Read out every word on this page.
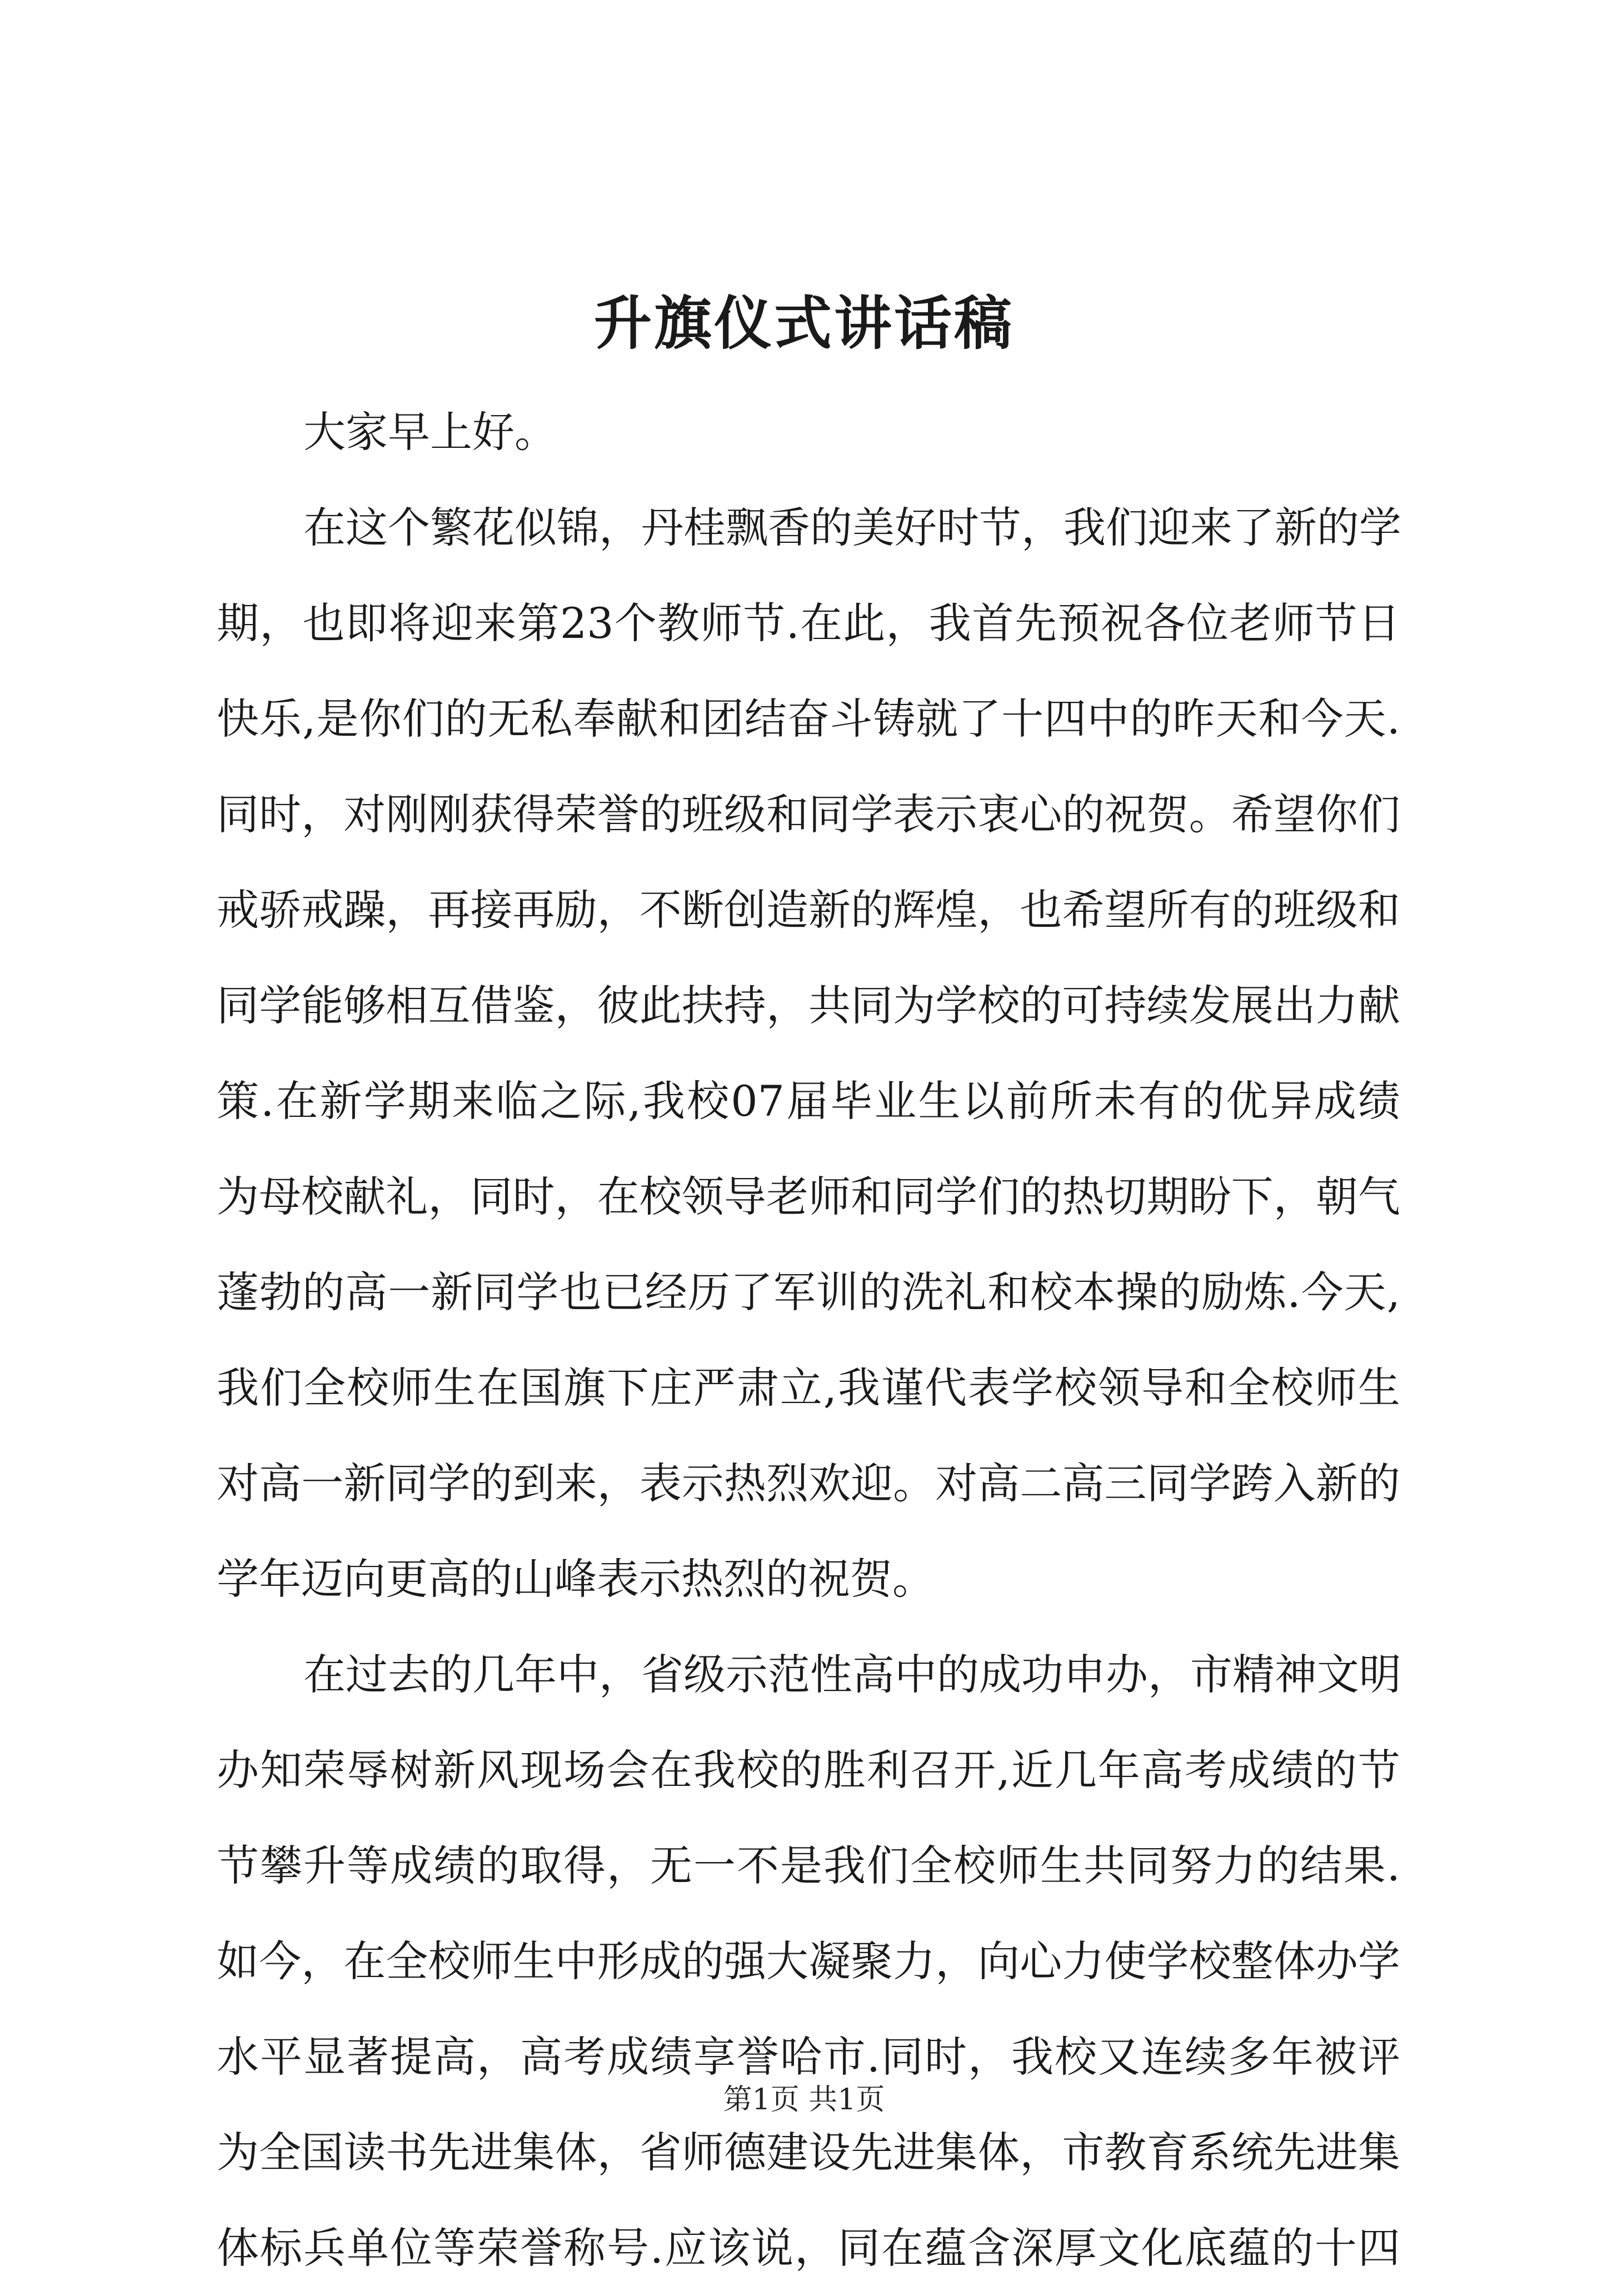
升旗仪式讲话稿

大家早上好。

在这个繁花似锦，丹桂飘香的美好时节，我们迎来了新的学

期，也即将迎来第23个教师节.在此，我首先预祝各位老师节日

快乐,是你们的无私奉献和团结奋斗铸就了十四中的昨天和今天.

同时，对刚刚获得荣誉的班级和同学表示衷心的祝贺。希望你们

戒骄戒躁，再接再励，不断创造新的辉煌，也希望所有的班级和

同学能够相互借鉴，彼此扶持，共同为学校的可持续发展出力献

策.在新学期来临之际,我校07届毕业生以前所未有的优异成绩

为母校献礼，同时，在校领导老师和同学们的热切期盼下，朝气

蓬勃的高一新同学也已经历了军训的洗礼和校本操的励炼.今天,

我们全校师生在国旗下庄严肃立,我谨代表学校领导和全校师生

对高一新同学的到来，表示热烈欢迎。对高二高三同学跨入新的

学年迈向更高的山峰表示热烈的祝贺。

在过去的几年中，省级示范性高中的成功申办，市精神文明

办知荣辱树新风现场会在我校的胜利召开,近几年高考成绩的节

节攀升等成绩的取得，无一不是我们全校师生共同努力的结果.

如今，在全校师生中形成的强大凝聚力，向心力使学校整体办学

水平显著提高，高考成绩享誉哈市.同时，我校又连续多年被评

为全国读书先进集体，省师德建设先进集体，市教育系统先进集

体标兵单位等荣誉称号.应该说，同在蕴含深厚文化底蕴的十四

第1页 共1页
